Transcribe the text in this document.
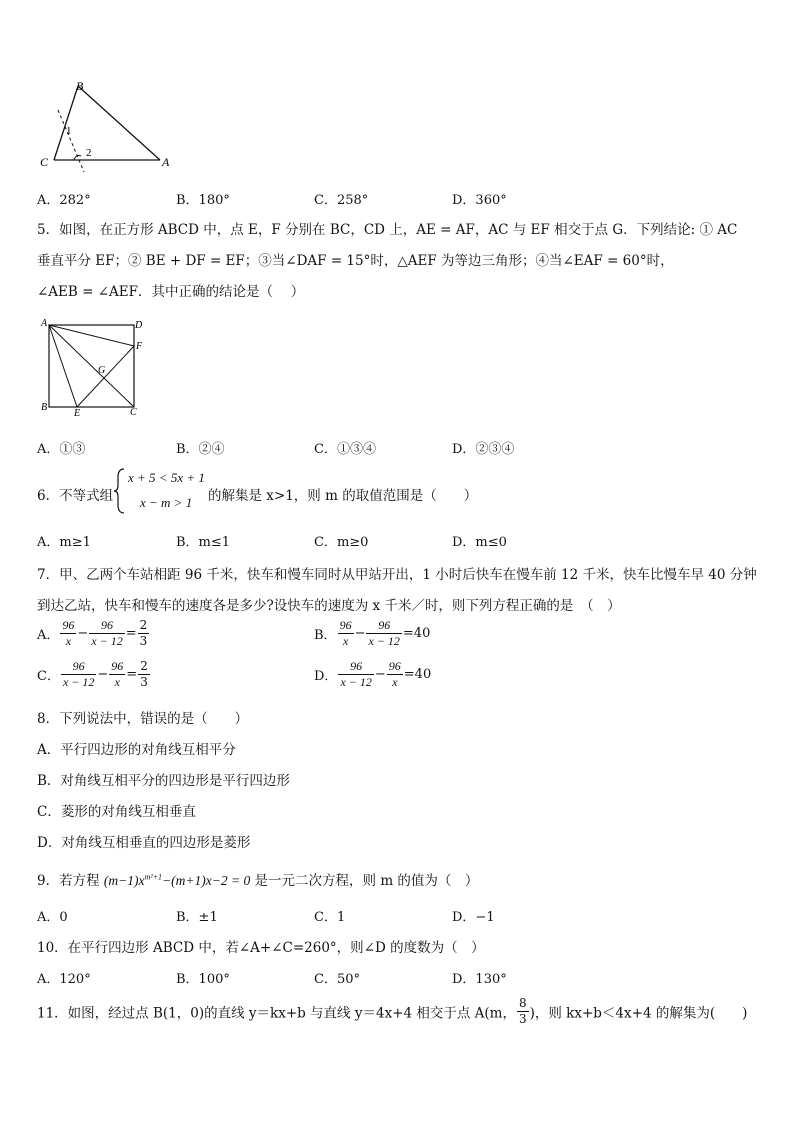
B
C	A
1
2
A．282°	B．180°	C．258°	D．360°
5．如图，在正方形 ABCD 中，点 E，F 分别在 BC，CD 上，AE = AF，AC 与 EF 相交于点 G．下列结论: ① AC
垂直平分 EF；② BE + DF = EF；③当∠DAF = 15°时，△AEF 为等边三角形；④当∠EAF = 60°时，
∠AEB = ∠AEF．其中正确的结论是（　 ）
A	D
F
G
B
E	C
A．①③	B．②④	C．①③④	D．②③④
6．不等式组
x + 5 < 5x + 1
x − m > 1 的解集是 x>1，则 m 的取值范围是（　　）
A．m≥1	B．m≤1	C．m≥0	D．m≤0
7．甲、乙两个车站相距 96 千米，快车和慢车同时从甲站开出，1 小时后快车在慢车前 12 千米，快车比慢车早 40 分钟
到达乙站，快车和慢车的速度各是多少?设快车的速度为 x 千米／时，则下列方程正确的是　（　）
A． $\frac{96}{x} - \frac{96}{x - 12} = \frac{2}{3}$	B． $\frac{96}{x} - \frac{96}{x - 12} =40$
C． $\frac{96}{x - 12} - \frac{96}{x} = \frac{2}{3}$	D． $\frac{96}{x - 12} - \frac{96}{x} =40$
8．下列说法中，错误的是（　　）
A．平行四边形的对角线互相平分
B．对角线互相平分的四边形是平行四边形
C．菱形的对角线互相垂直
D．对角线互相垂直的四边形是菱形
9．若方程 $(m-1)x^{m^2+1}-(m+1)x-2 = 0$ 是一元二次方程，则 m 的值为（　）
A．0	B．±1	C．1	D．−1
10．在平行四边形 ABCD 中，若∠A+∠C=260°，则∠D 的度数为（　）
A．120°	B．100°	C．50°	D．130°
11．如图，经过点 B(1，0)的直线 y＝kx+b 与直线 y＝4x+4 相交于点 A(m， $\frac{8}{3}$ )，则 kx+b＜4x+4 的解集为(　　)
